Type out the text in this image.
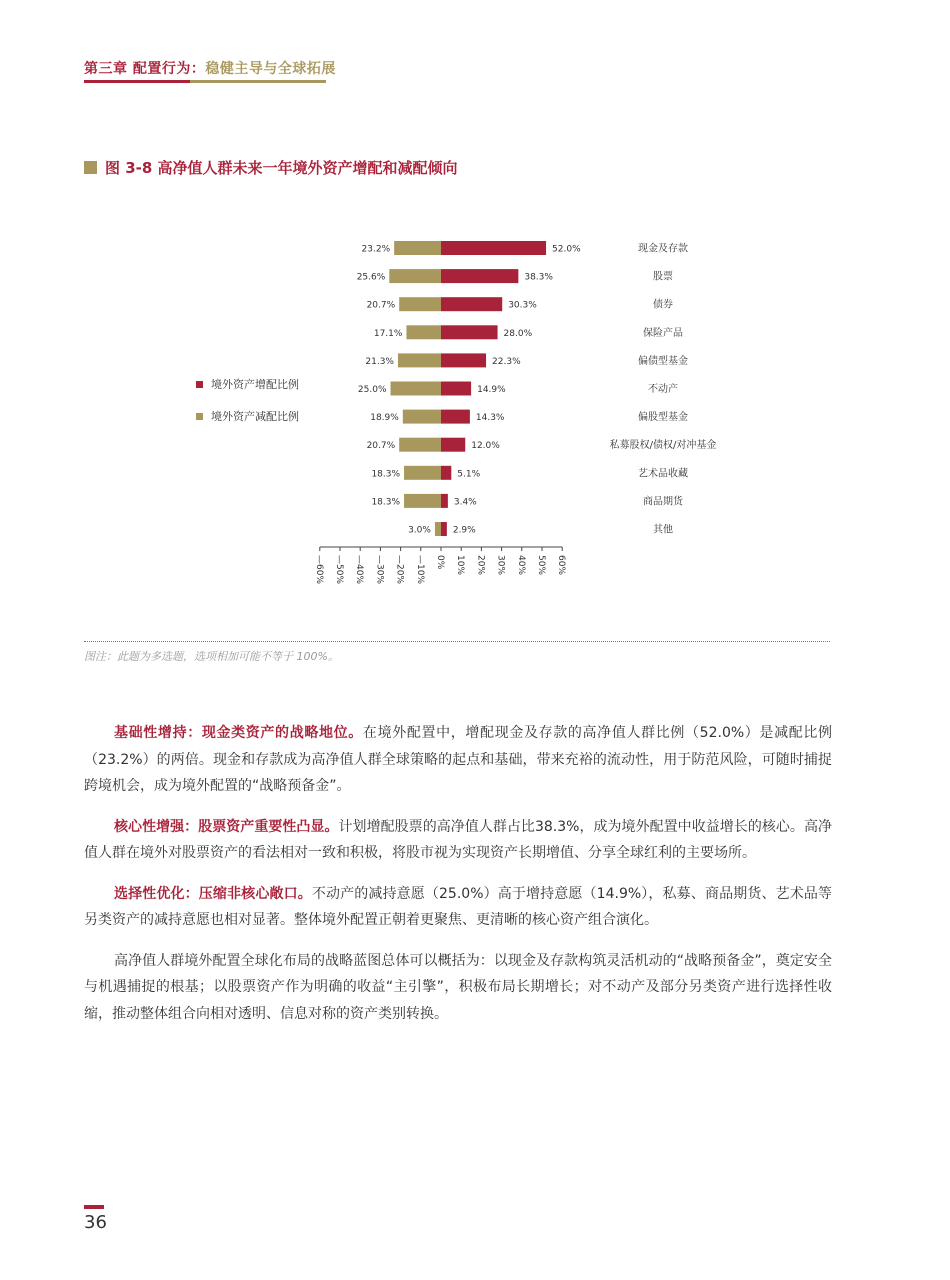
第三章 配置行为：稳健主导与全球拓展
图 3-8 高净值人群未来一年境外资产增配和减配倾向
52.0%
23.2%	现金及存款
38.3%
25.6%	股票
30.3%
20.7%	债券
28.0%
17.1%	保险产品
22.3%
21.3%	偏债型基金
14.9%
25.0%	不动产
14.3%
18.9%	偏股型基金
12.0%
20.7%	私募股权/债权/对冲基金
5.1%
18.3%	艺术品收藏
3.4%
18.3%	商品期货
2.9%
3.0%	其他
—60% —50% —40% —30% —20% —10% 0% 10% 20% 30% 40% 50% 60%
境外资产增配比例
境外资产减配比例
图注：此题为多选题，选项相加可能不等于 100%。

基础性增持：现金类资产的战略地位。在境外配置中，增配现金及存款的高净值人群比例（52.0%）是减配比例（23.2%）的两倍。现金和存款成为高净值人群全球策略的起点和基础，带来充裕的流动性，用于防范风险，可随时捕捉跨境机会，成为境外配置的“战略预备金”。

核心性增强：股票资产重要性凸显。计划增配股票的高净值人群占比38.3%，成为境外配置中收益增长的核心。高净值人群在境外对股票资产的看法相对一致和积极，将股市视为实现资产长期增值、分享全球红利的主要场所。

选择性优化：压缩非核心敞口。不动产的减持意愿（25.0%）高于增持意愿（14.9%），私募、商品期货、艺术品等另类资产的减持意愿也相对显著。整体境外配置正朝着更聚焦、更清晰的核心资产组合演化。

高净值人群境外配置全球化布局的战略蓝图总体可以概括为：以现金及存款构筑灵活机动的“战略预备金”，奠定安全与机遇捕捉的根基；以股票资产作为明确的收益“主引擎”，积极布局长期增长；对不动产及部分另类资产进行选择性收缩，推动整体组合向相对透明、信息对称的资产类别转换。

36
